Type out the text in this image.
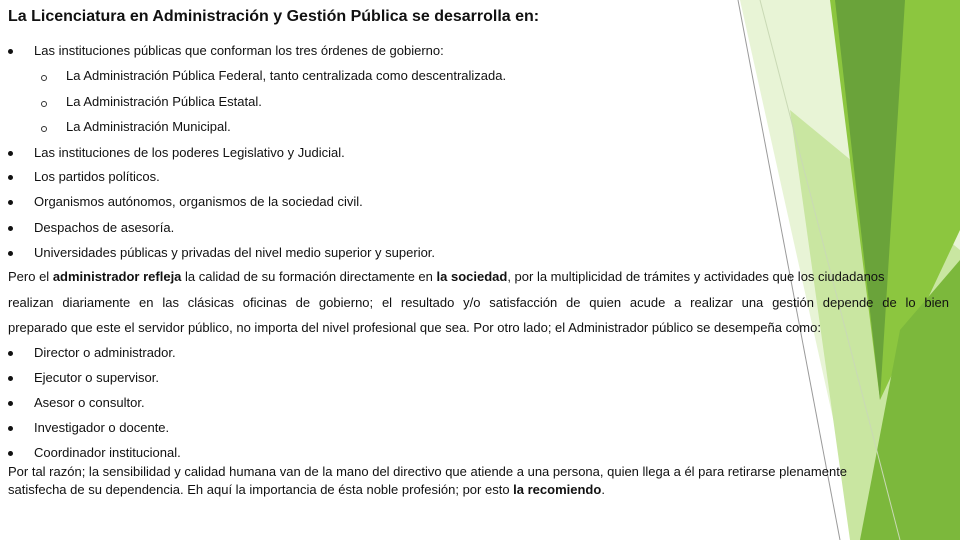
La Licenciatura en Administración y Gestión Pública se desarrolla en:
Las instituciones públicas que conforman los tres órdenes de gobierno:
La Administración Pública Federal, tanto centralizada como descentralizada.
La Administración Pública Estatal.
La Administración Municipal.
Las instituciones de los poderes Legislativo y Judicial.
Los partidos políticos.
Organismos autónomos, organismos de la sociedad civil.
Despachos de asesoría.
Universidades públicas y privadas del nivel medio superior y superior.
Pero el administrador refleja la calidad de su formación directamente en la sociedad, por la multiplicidad de trámites y actividades que los ciudadanos
realizan diariamente en las clásicas oficinas de gobierno; el resultado y/o satisfacción de quien acude a realizar una gestión depende de lo bien
preparado que este el servidor público, no importa del nivel profesional que sea. Por otro lado; el Administrador público se desempeña como:
Director o administrador.
Ejecutor o supervisor.
Asesor o consultor.
Investigador o docente.
Coordinador institucional.
Por tal razón; la sensibilidad y calidad humana van de la mano del directivo que atiende a una persona, quien llega a él para retirarse plenamente
satisfecha de su dependencia. Eh aquí la importancia de ésta noble profesión; por esto la recomiendo.
